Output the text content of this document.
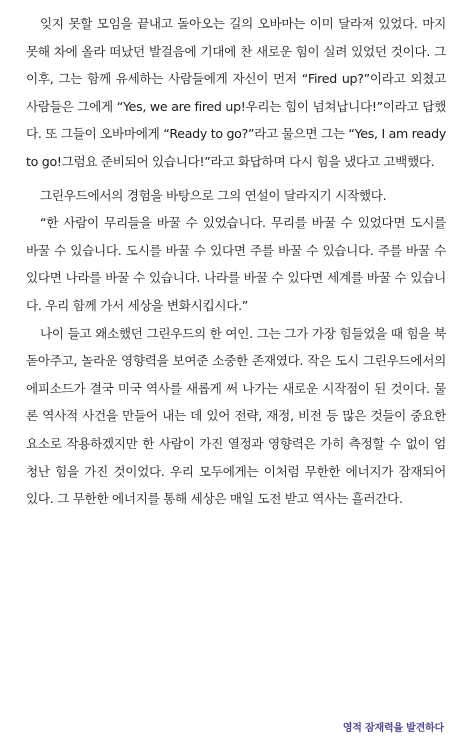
잊지 못할 모임을 끝내고 돌아오는 길의 오바마는 이미 달라져 있었다. 마지못해 차에 올라 떠났던 발걸음에 기대에 찬 새로운 힘이 실려 있었던 것이다. 그 이후, 그는 함께 유세하는 사람들에게 자신이 먼저 “Fired up?”이라고 외쳤고 사람들은 그에게 “Yes, we are fired up!우리는 힘이 넘쳐납니다!”이라고 답했다. 또 그들이 오바마에게 “Ready to go?”라고 물으면 그는 “Yes, I am ready to go!그럼요 준비되어 있습니다!”라고 화답하며 다시 힘을 냈다고 고백했다.

그린우드에서의 경험을 바탕으로 그의 연설이 달라지기 시작했다.

“한 사람이 무리들을 바꿀 수 있었습니다. 무리를 바꿀 수 있었다면 도시를 바꿀 수 있습니다. 도시를 바꿀 수 있다면 주를 바꿀 수 있습니다. 주를 바꿀 수 있다면 나라를 바꿀 수 있습니다. 나라를 바꿀 수 있다면 세계를 바꿀 수 있습니다. 우리 함께 가서 세상을 변화시킵시다.”

나이 들고 왜소했던 그린우드의 한 여인. 그는 그가 가장 힘들었을 때 힘을 북돋아주고, 놀라운 영향력을 보여준 소중한 존재였다. 작은 도시 그린우드에서의 에피소드가 결국 미국 역사를 새롭게 써 나가는 새로운 시작점이 된 것이다. 물론 역사적 사건을 만들어 내는 데 있어 전략, 재정, 비전 등 많은 것들이 중요한 요소로 작용하겠지만 한 사람이 가진 열정과 영향력은 가히 측정할 수 없이 엄청난 힘을 가진 것이었다. 우리 모두에게는 이처럼 무한한 에너지가 잠재되어 있다. 그 무한한 에너지를 통해 세상은 매일 도전 받고 역사는 흘러간다.

영적 잠재력을 발견하다
